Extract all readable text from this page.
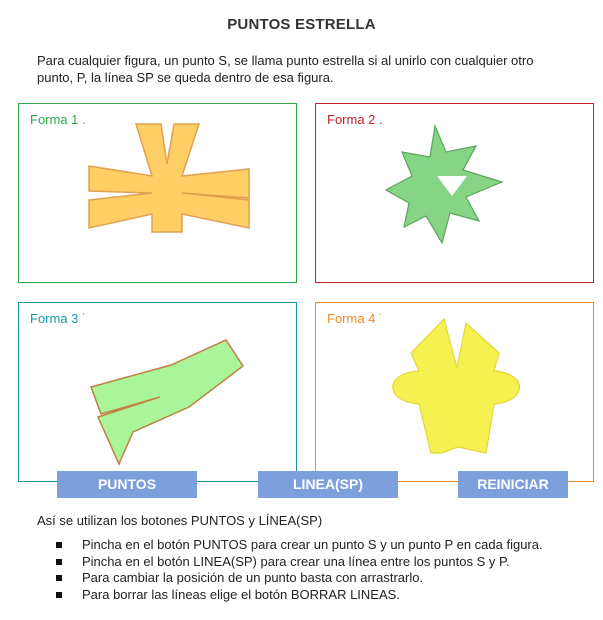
PUNTOS ESTRELLA
Para cualquier figura, un punto S, se llama punto estrella si al unirlo con cualquier otro punto, P, la línea SP se queda dentro de esa figura.
Forma 1 .	Forma 2 .
Forma 3 ˙	Forma 4 ˙
PUNTOS	LINEA(SP)	REINICIAR
Así se utilizan los botones PUNTOS y LÍNEA(SP)
Pincha en el botón PUNTOS para crear un punto S y un punto P en cada figura.
Pincha en el botón LINEA(SP) para crear una línea entre los puntos S y P.
Para cambiar la posición de un punto basta con arrastrarlo.
Para borrar las líneas elige el botón BORRAR LINEAS.
